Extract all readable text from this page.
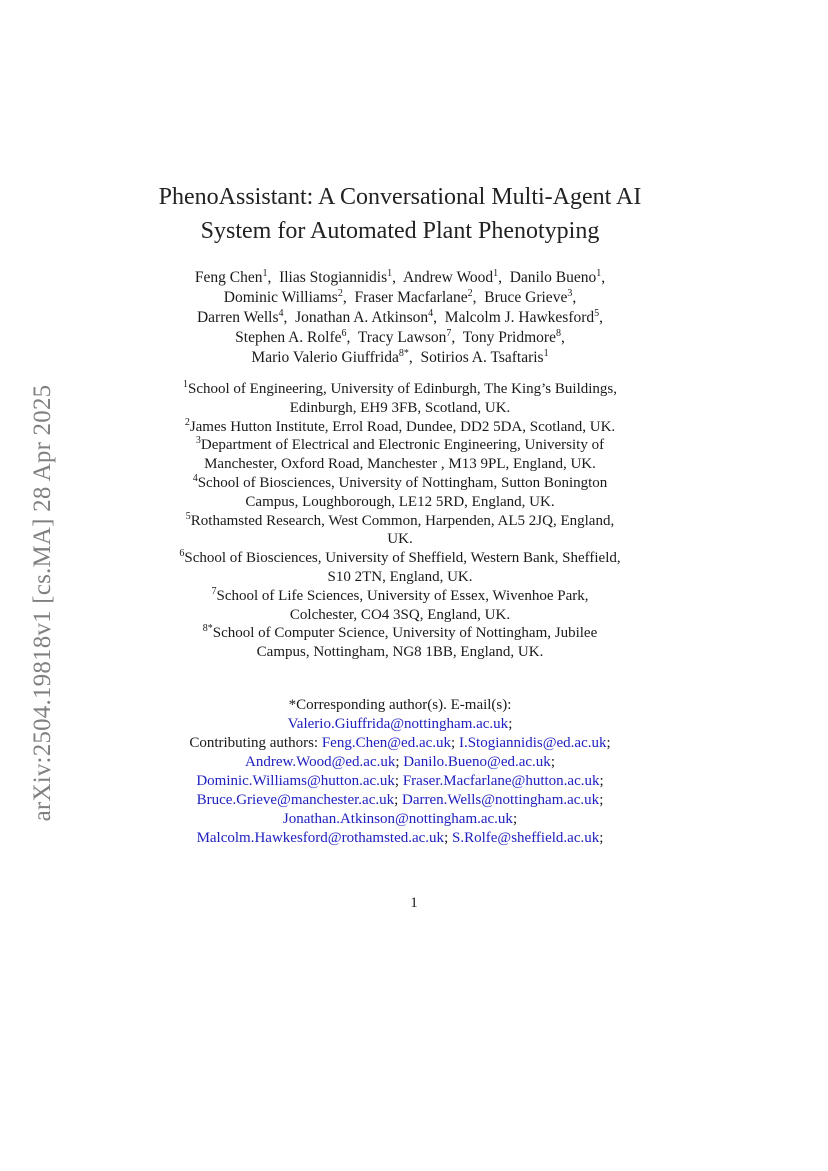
arXiv:2504.19818v1 [cs.MA] 28 Apr 2025
PhenoAssistant: A Conversational Multi-Agent AI
System for Automated Plant Phenotyping
Feng Chen$^1$, Ilias Stogiannidis$^1$, Andrew Wood$^1$, Danilo Bueno$^1$,
Dominic Williams$^2$, Fraser Macfarlane$^2$, Bruce Grieve$^3$,
Darren Wells$^4$, Jonathan A. Atkinson$^4$, Malcolm J. Hawkesford$^5$,
Stephen A. Rolfe$^6$, Tracy Lawson$^7$, Tony Pridmore$^8$,
Mario Valerio Giuffrida$^{8*}$, Sotirios A. Tsaftaris$^1$
$^1$School of Engineering, University of Edinburgh, The King’s Buildings,
Edinburgh, EH9 3FB, Scotland, UK.
$^2$James Hutton Institute, Errol Road, Dundee, DD2 5DA, Scotland, UK.
$^3$Department of Electrical and Electronic Engineering, University of
Manchester, Oxford Road, Manchester , M13 9PL, England, UK.
$^4$School of Biosciences, University of Nottingham, Sutton Bonington
Campus, Loughborough, LE12 5RD, England, UK.
$^5$Rothamsted Research, West Common, Harpenden, AL5 2JQ, England,
UK.
$^6$School of Biosciences, University of Sheffield, Western Bank, Sheffield,
S10 2TN, England, UK.
$^7$School of Life Sciences, University of Essex, Wivenhoe Park,
Colchester, CO4 3SQ, England, UK.
$^{8*}$School of Computer Science, University of Nottingham, Jubilee
Campus, Nottingham, NG8 1BB, England, UK.
*Corresponding author(s). E-mail(s):
Valerio.Giuffrida@nottingham.ac.uk;
Contributing authors: Feng.Chen@ed.ac.uk; I.Stogiannidis@ed.ac.uk;
Andrew.Wood@ed.ac.uk; Danilo.Bueno@ed.ac.uk;
Dominic.Williams@hutton.ac.uk; Fraser.Macfarlane@hutton.ac.uk;
Bruce.Grieve@manchester.ac.uk; Darren.Wells@nottingham.ac.uk;
Jonathan.Atkinson@nottingham.ac.uk;
Malcolm.Hawkesford@rothamsted.ac.uk; S.Rolfe@sheffield.ac.uk;
1
